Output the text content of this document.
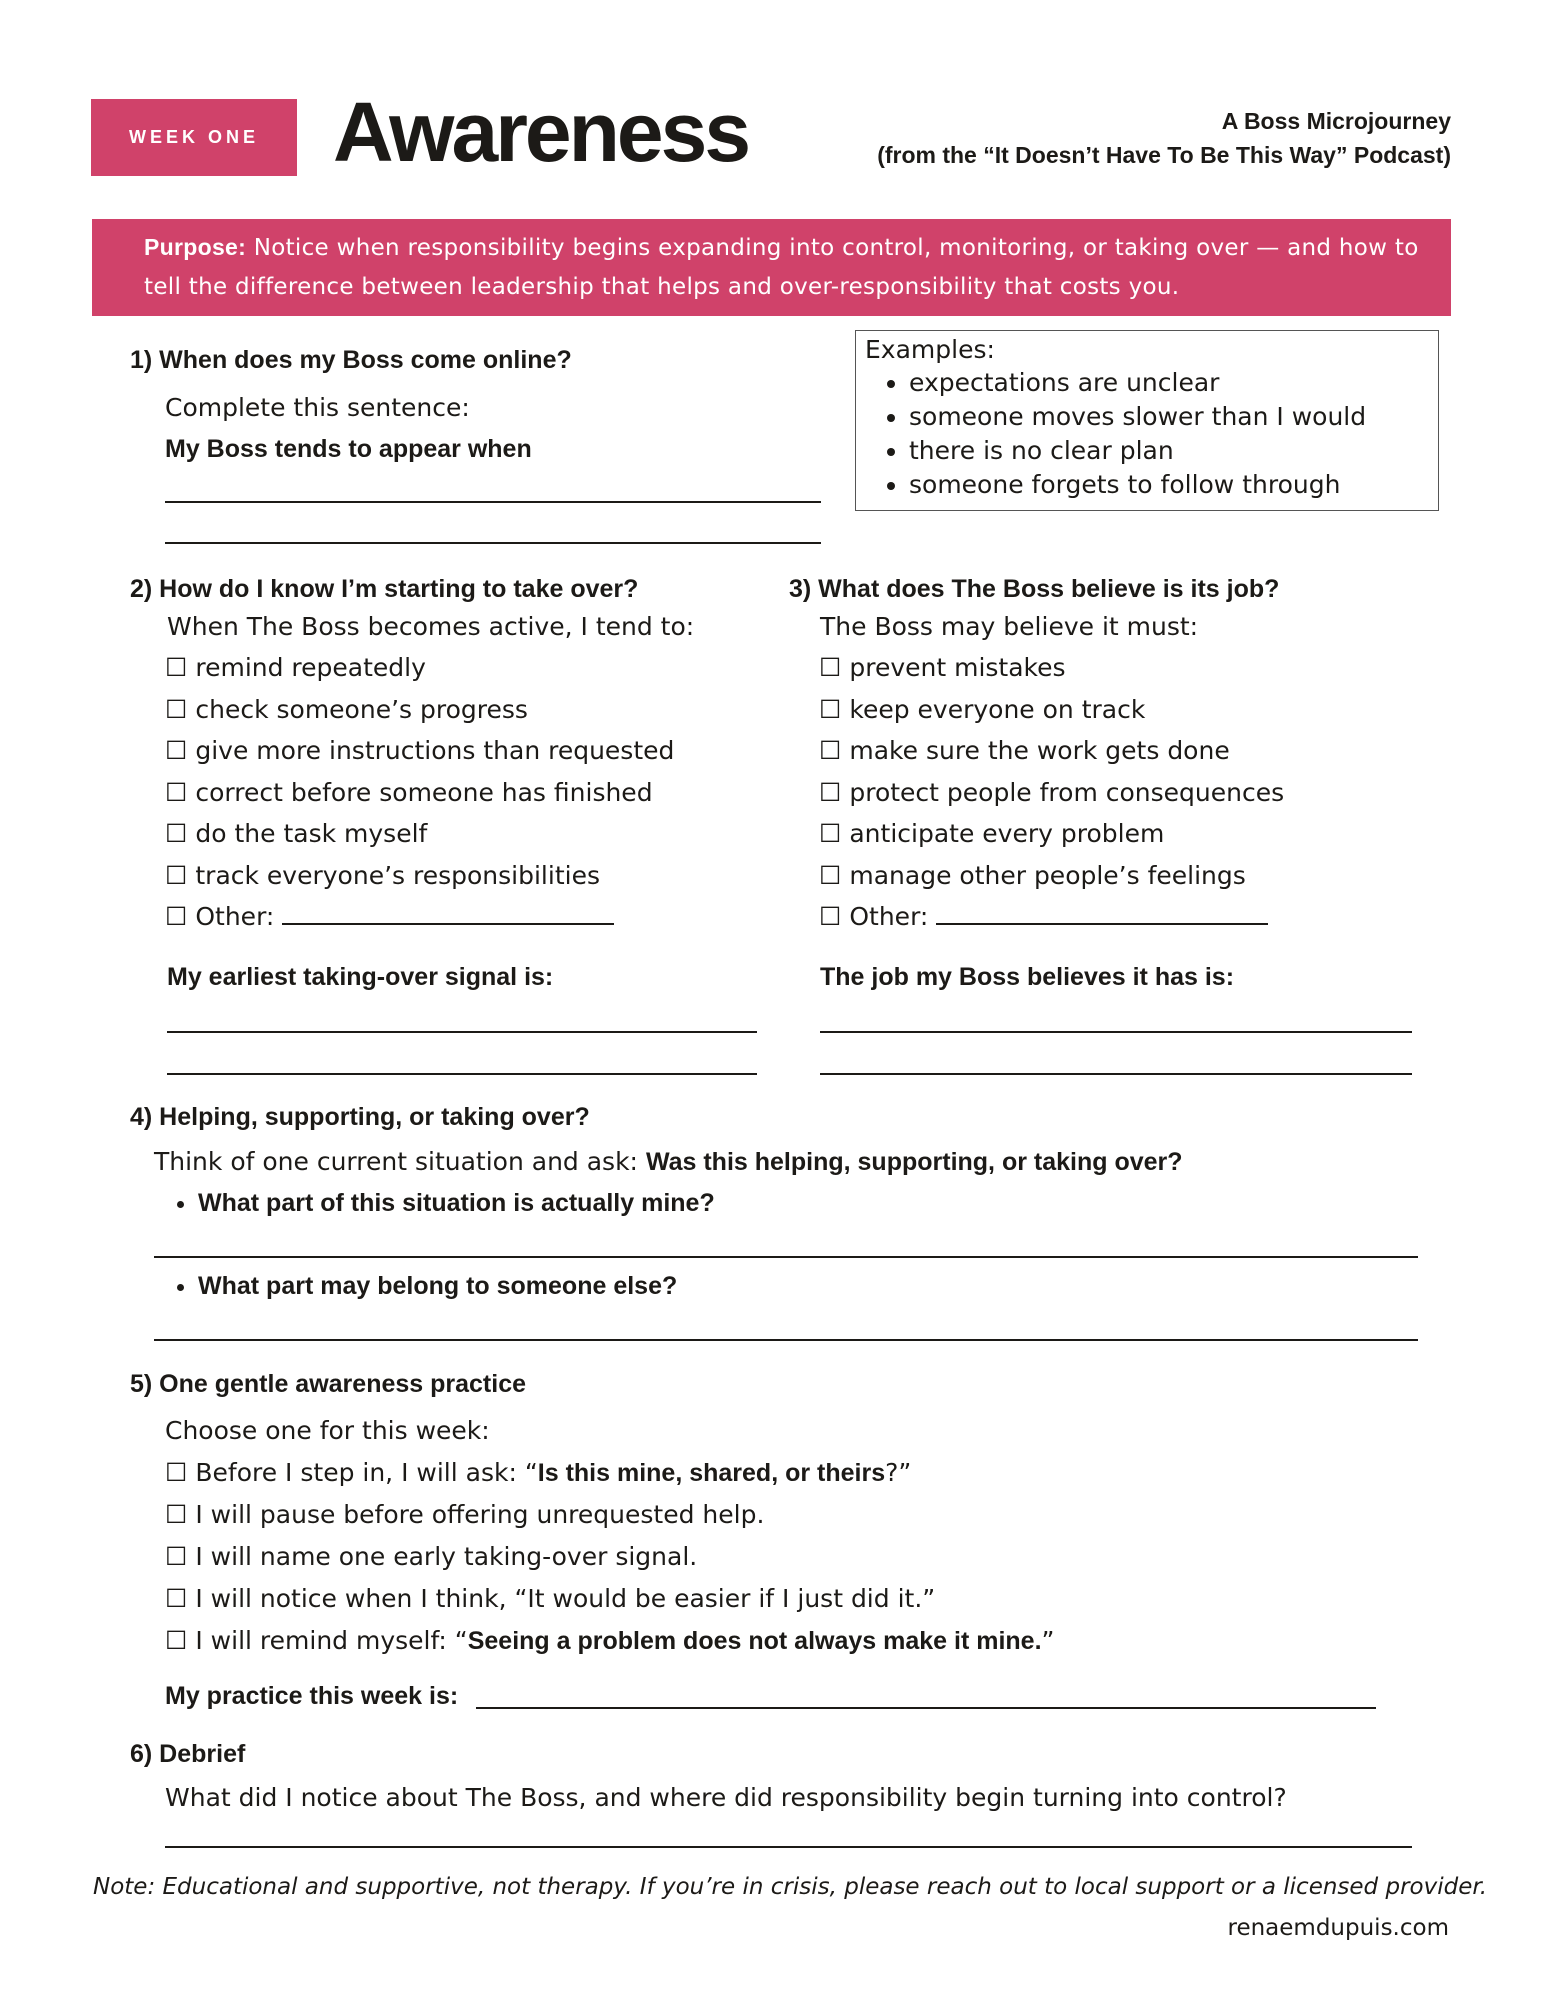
WEEK ONE Awareness	A Boss Microjourney
(from the “It Doesn’t Have To Be This Way” Podcast)
Purpose: Notice when responsibility begins expanding into control, monitoring, or taking over — and how to tell the difference between leadership that helps and over-responsibility that costs you.
1) When does my Boss come online?
Complete this sentence:
My Boss tends to appear when
Examples:
• expectations are unclear
• someone moves slower than I would
• there is no clear plan
• someone forgets to follow through
2) How do I know I’m starting to take over?
When The Boss becomes active, I tend to:
☐ remind repeatedly
☐ check someone’s progress
☐ give more instructions than requested
☐ correct before someone has finished
☐ do the task myself
☐ track everyone’s responsibilities
☐ Other:
My earliest taking-over signal is:
3) What does The Boss believe is its job?
The Boss may believe it must:
☐ prevent mistakes
☐ keep everyone on track
☐ make sure the work gets done
☐ protect people from consequences
☐ anticipate every problem
☐ manage other people’s feelings
☐ Other:
The job my Boss believes it has is:
4) Helping, supporting, or taking over?
Think of one current situation and ask: Was this helping, supporting, or taking over?
• What part of this situation is actually mine?
• What part may belong to someone else?
5) One gentle awareness practice
Choose one for this week:
☐ Before I step in, I will ask: “Is this mine, shared, or theirs?”
☐ I will pause before offering unrequested help.
☐ I will name one early taking-over signal.
☐ I will notice when I think, “It would be easier if I just did it.”
☐ I will remind myself: “Seeing a problem does not always make it mine.”
My practice this week is:
6) Debrief
What did I notice about The Boss, and where did responsibility begin turning into control?
Note: Educational and supportive, not therapy. If you’re in crisis, please reach out to local support or a licensed provider.
renaemdupuis.com
